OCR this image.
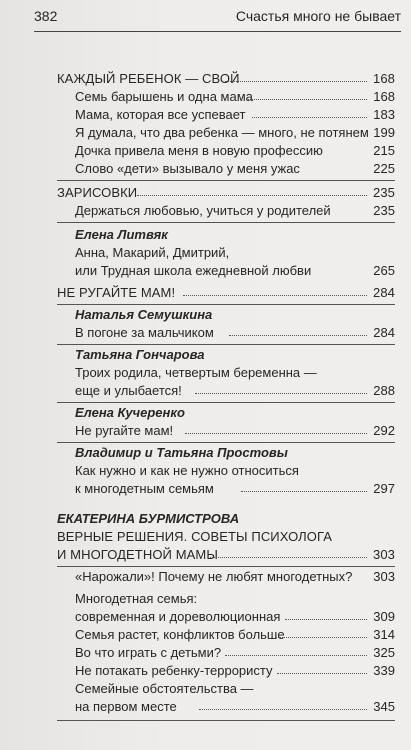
382	Счастья много не бывает
КАЖДЫЙ РЕБЕНОК — СВОЙ	168
Семь барышень и одна мама	168
Мама, которая все успевает	183
Я думала, что два ребенка — много, не потянем 199
Дочка привела меня в новую профессию	215
Слово «дети» вызывало у меня ужас	225
ЗАРИСОВКИ	235
Держаться любовью, учиться у родителей	235
Елена Литвяк
Анна, Макарий, Дмитрий,
или Трудная школа ежедневной любви	265
НЕ РУГАЙТЕ МАМ!	284
Наталья Семушкина
В погоне за мальчиком	284
Татьяна Гончарова
Троих родила, четвертым беременна —
еще и улыбается!	288
Елена Кучеренко
Не ругайте мам!	292
Владимир и Татьяна Простовы
Как нужно и как не нужно относиться
к многодетным семьям	297
ЕКАТЕРИНА БУРМИСТРОВА
ВЕРНЫЕ РЕШЕНИЯ. СОВЕТЫ ПСИХОЛОГА
И МНОГОДЕТНОЙ МАМЫ	303
«Нарожали»! Почему не любят многодетных? 303
Многодетная семья:
современная и дореволюционная	309
Семья растет, конфликтов больше	314
Во что играть с детьми?	325
Не потакать ребенку-террористу	339
Семейные обстоятельства —
на первом месте	345
